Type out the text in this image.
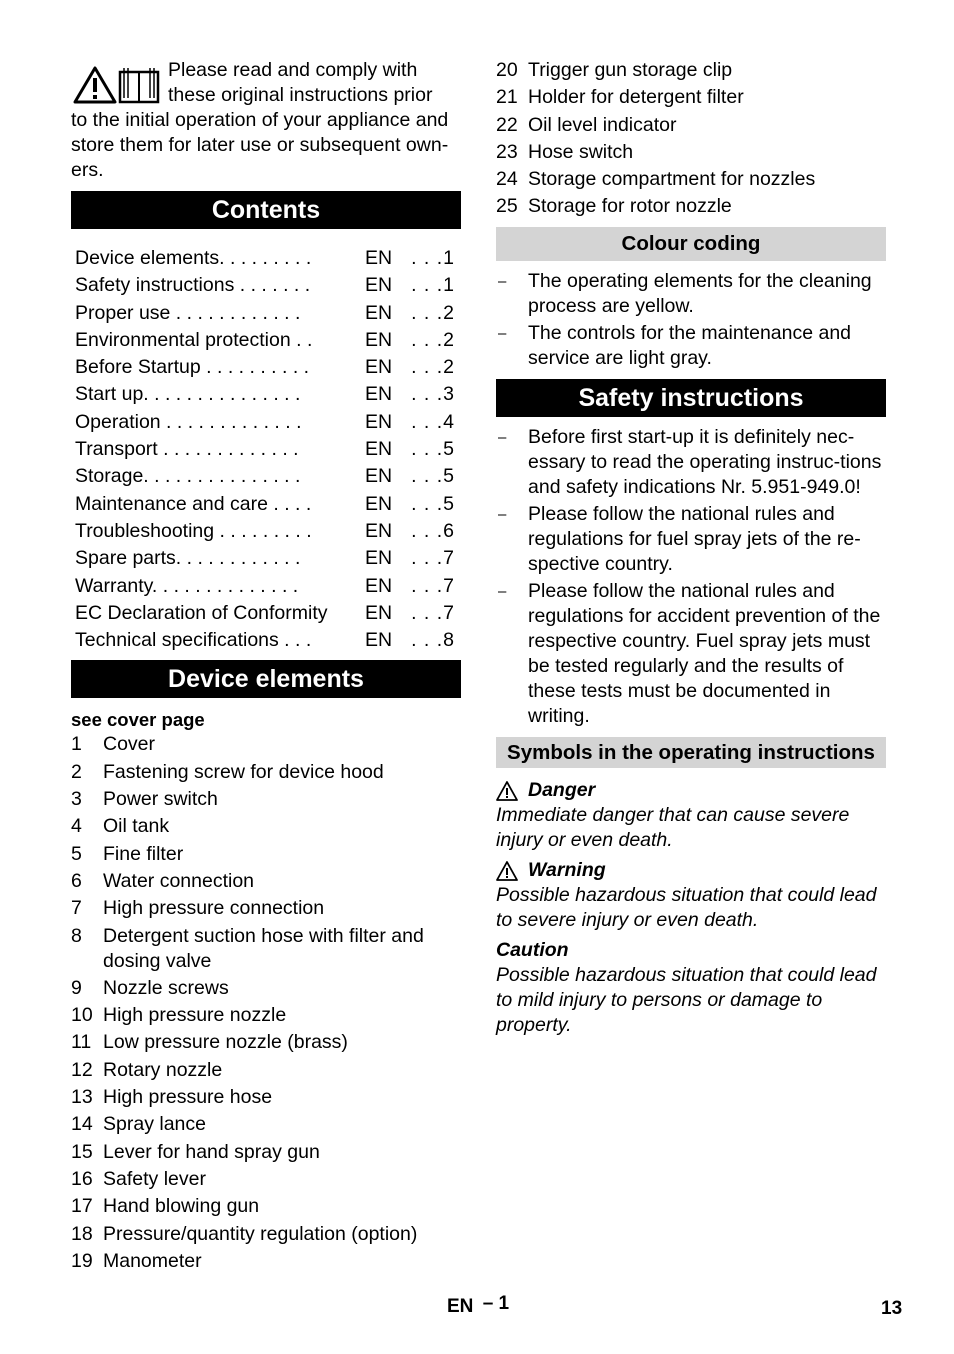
Please read and comply with
these original instructions prior
to the initial operation of your appliance and store them for later use or subsequent own-ers.
Contents
Device elements. . . . . . . . .	EN . . .1
Safety instructions . . . . . . .	EN . . .1
Proper use . . . . . . . . . . . .	EN . . .2
Environmental protection . .	EN . . .2
Before Startup . . . . . . . . . .	EN . . .2
Start up. . . . . . . . . . . . . . .	EN . . .3
Operation . . . . . . . . . . . . .	EN . . .4
Transport . . . . . . . . . . . . .	EN . . .5
Storage. . . . . . . . . . . . . . .	EN . . .5
Maintenance and care . . . .	EN . . .5
Troubleshooting . . . . . . . . .	EN . . .6
Spare parts. . . . . . . . . . . .	EN . . .7
Warranty. . . . . . . . . . . . . .	EN . . .7
EC Declaration of Conformity	EN . . .7
Technical specifications . . .	EN . . .8
Device elements
see cover page
1	Cover
2	Fastening screw for device hood
3	Power switch
4	Oil tank
5	Fine filter
6	Water connection
7	High pressure connection
8	Detergent suction hose with filter and dosing valve
9	Nozzle screws
10 High pressure nozzle
11 Low pressure nozzle (brass)
12 Rotary nozzle
13 High pressure hose
14 Spray lance
15 Lever for hand spray gun
16 Safety lever
17 Hand blowing gun
18 Pressure/quantity regulation (option)
19 Manometer
20 Trigger gun storage clip
21 Holder for detergent filter
22 Oil level indicator
23 Hose switch
24 Storage compartment for nozzles
25 Storage for rotor nozzle
Colour coding
–	The operating elements for the cleaning process are yellow.
–	The controls for the maintenance and service are light gray.
Safety instructions
–	Before first start-up it is definitely nec-essary to read the operating instruc-tions and safety indications Nr. 5.951-949.0!
–	Please follow the national rules and regulations for fuel spray jets of the re-spective country.
–	Please follow the national rules and regulations for accident prevention of the respective country. Fuel spray jets must be tested regularly and the results of these tests must be documented in writing.
Symbols in the operating instructions
Danger
Immediate danger that can cause severe injury or even death.
Warning
Possible hazardous situation that could lead to severe injury or even death.
Caution
Possible hazardous situation that could lead to mild injury to persons or damage to property.
EN – 1	13
